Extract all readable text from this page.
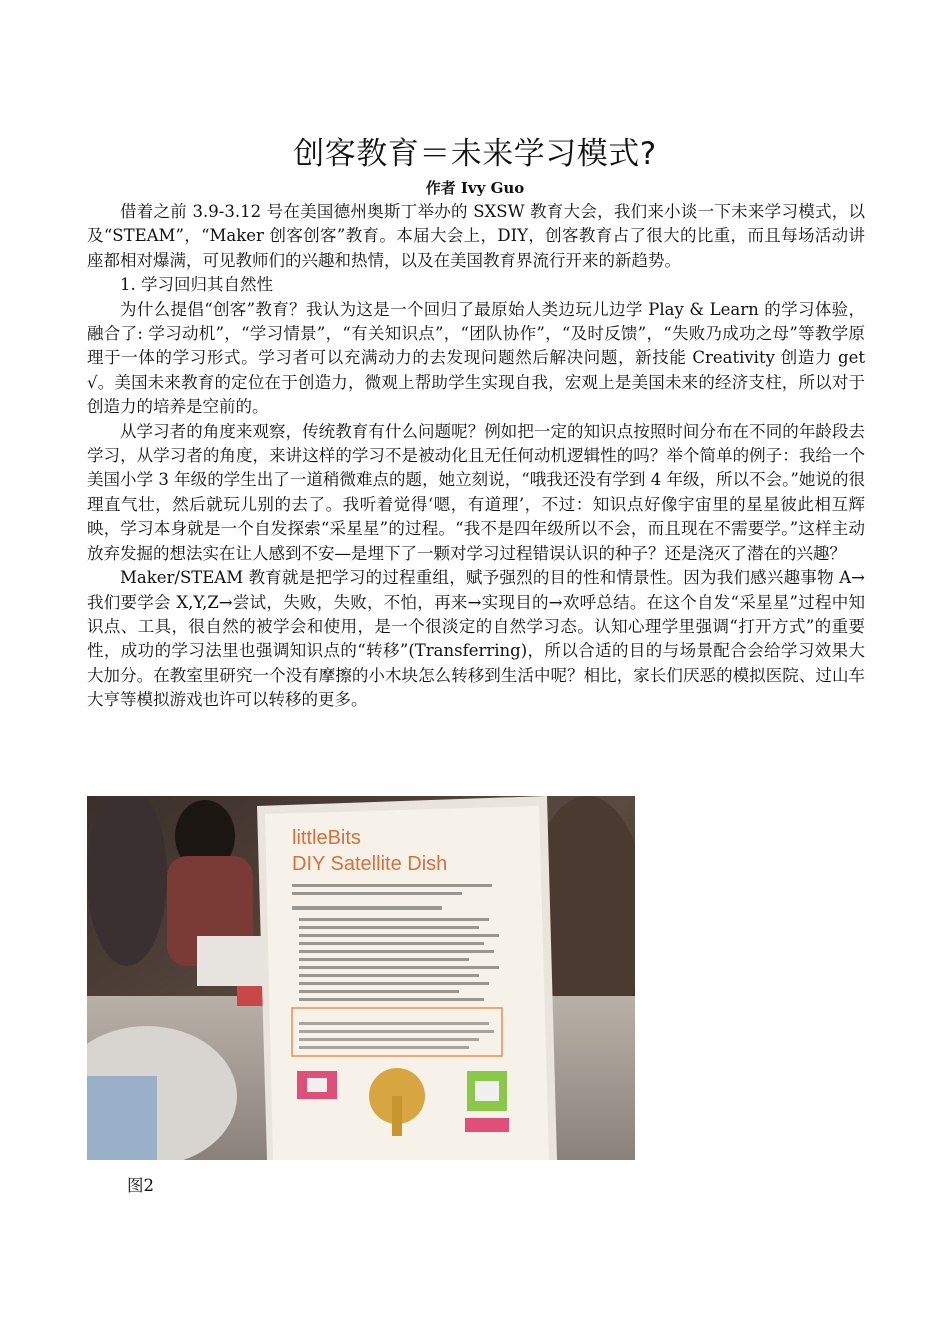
创客教育＝未来学习模式?
作者 Ivy Guo

借着之前 3.9-3.12 号在美国德州奥斯丁举办的 SXSW 教育大会，我们来小谈一下未来学习模式，以及“STEAM”，“Maker 创客创客”教育。本届大会上，DIY，创客教育占了很大的比重，而且每场活动讲座都相对爆满，可见教师们的兴趣和热情，以及在美国教育界流行开来的新趋势。

1. 学习回归其自然性

为什么提倡“创客”教育？我认为这是一个回归了最原始人类边玩儿边学 Play & Learn 的学习体验，融合了: 学习动机”，“学习情景”，“有关知识点”，“团队协作”，“及时反馈”，“失败乃成功之母”等教学原理于一体的学习形式。学习者可以充满动力的去发现问题然后解决问题，新技能 Creativity 创造力 get √。美国未来教育的定位在于创造力，微观上帮助学生实现自我，宏观上是美国未来的经济支柱，所以对于创造力的培养是空前的。

从学习者的角度来观察，传统教育有什么问题呢？例如把一定的知识点按照时间分布在不同的年龄段去学习，从学习者的角度，来讲这样的学习不是被动化且无任何动机逻辑性的吗？举个简单的例子：我给一个美国小学 3 年级的学生出了一道稍微难点的题，她立刻说，“哦我还没有学到 4 年级，所以不会。”她说的很理直气壮，然后就玩儿别的去了。我听着觉得‘嗯，有道理’，不过：知识点好像宇宙里的星星彼此相互辉映，学习本身就是一个自发探索“采星星”的过程。“我不是四年级所以不会，而且现在不需要学。”这样主动放弃发掘的想法实在让人感到不安—是埋下了一颗对学习过程错误认识的种子？还是浇灭了潜在的兴趣？

Maker/STEAM 教育就是把学习的过程重组，赋予强烈的目的性和情景性。因为我们感兴趣事物 A→我们要学会 X,Y,Z→尝试，失败，失败，不怕，再来→实现目的→欢呼总结。在这个自发“采星星”过程中知识点、工具，很自然的被学会和使用，是一个很淡定的自然学习态。认知心理学里强调“打开方式”的重要性，成功的学习法里也强调知识点的“转移”(Transferring)，所以合适的目的与场景配合会给学习效果大大加分。在教室里研究一个没有摩擦的小木块怎么转移到生活中呢？相比，家长们厌恶的模拟医院、过山车大亨等模拟游戏也许可以转移的更多。

littleBits
DIY Satellite Dish
图2
